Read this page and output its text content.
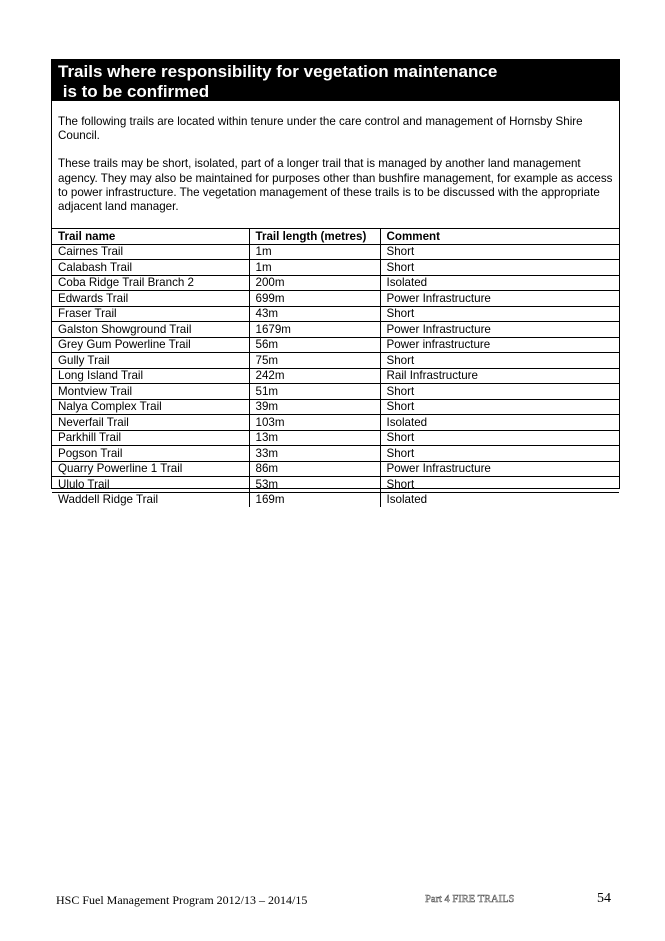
Trails where responsibility for vegetation maintenance
is to be confirmed

The following trails are located within tenure under the care control and management of Hornsby Shire Council.

These trails may be short, isolated, part of a longer trail that is managed by another land management agency. They may also be maintained for purposes other than bushfire management, for example as access to power infrastructure. The vegetation management of these trails is to be discussed with the appropriate adjacent land manager.

Trail name	Trail length (metres)	Comment
Cairnes Trail	1m	Short
Calabash Trail	1m	Short
Coba Ridge Trail Branch 2	200m	Isolated
Edwards Trail	699m	Power Infrastructure
Fraser Trail	43m	Short
Galston Showground Trail	1679m	Power Infrastructure
Grey Gum Powerline Trail	56m	Power infrastructure
Gully Trail	75m	Short
Long Island Trail	242m	Rail Infrastructure
Montview Trail	51m	Short
Nalya Complex Trail	39m	Short
Neverfail Trail	103m	Isolated
Parkhill Trail	13m	Short
Pogson Trail	33m	Short
Quarry Powerline 1 Trail	86m	Power Infrastructure
Ululo Trail	53m	Short
Waddell Ridge Trail	169m	Isolated
HSC Fuel Management Program 2012/13 – 2014/15	Part 4 FIRE TRAILS	54
